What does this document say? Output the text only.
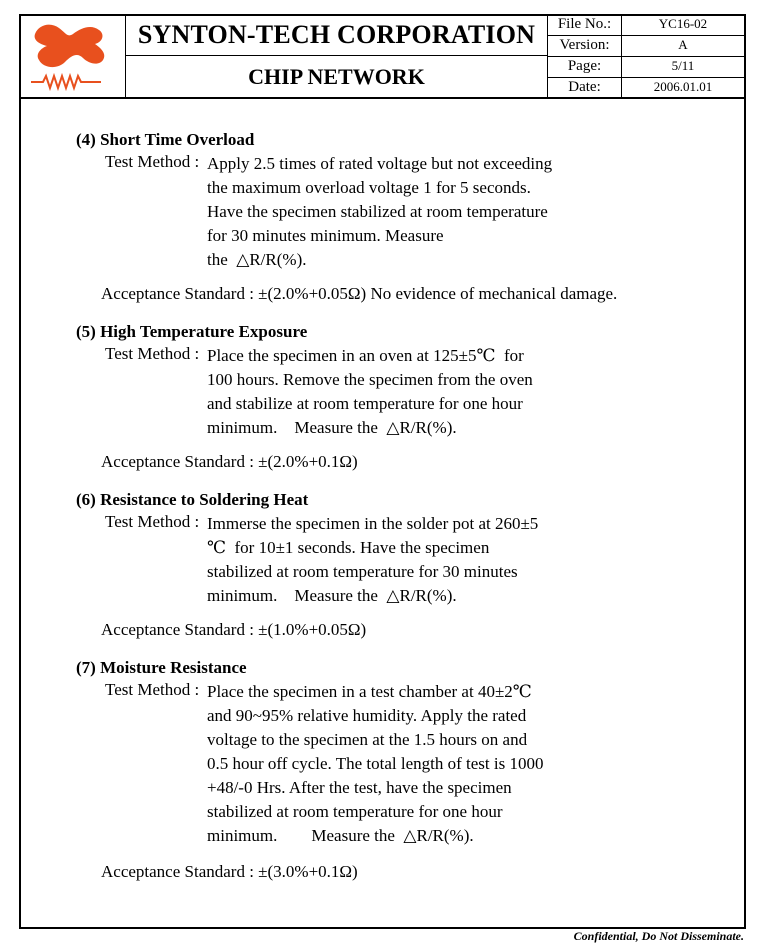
SYNTON-TECH CORPORATION
CHIP NETWORK
File No.:	YC16-02
Version:	A
Page:	5/11
Date:	2006.01.01
(4) Short Time Overload
Test Method : Apply 2.5 times of rated voltage but not exceeding
the maximum overload voltage 1 for 5 seconds.
Have the specimen stabilized at room temperature
for 30 minutes minimum. Measure
the  △R/R(%).
Acceptance Standard : ±(2.0%+0.05Ω) No evidence of mechanical damage.
(5) High Temperature Exposure
Test Method : Place the specimen in an oven at 125±5℃  for
100 hours. Remove the specimen from the oven
and stabilize at room temperature for one hour
minimum.    Measure the  △R/R(%).
Acceptance Standard : ±(2.0%+0.1Ω)
(6) Resistance to Soldering Heat
Test Method : Immerse the specimen in the solder pot at 260±5
℃  for 10±1 seconds. Have the specimen
stabilized at room temperature for 30 minutes
minimum.    Measure the  △R/R(%).
Acceptance Standard : ±(1.0%+0.05Ω)
(7) Moisture Resistance
Test Method : Place the specimen in a test chamber at 40±2℃
and 90~95% relative humidity. Apply the rated
voltage to the specimen at the 1.5 hours on and
0.5 hour off cycle. The total length of test is 1000
+48/-0 Hrs. After the test, have the specimen
stabilized at room temperature for one hour
minimum.        Measure the  △R/R(%).
Acceptance Standard : ±(3.0%+0.1Ω)
Confidential, Do Not Disseminate.
